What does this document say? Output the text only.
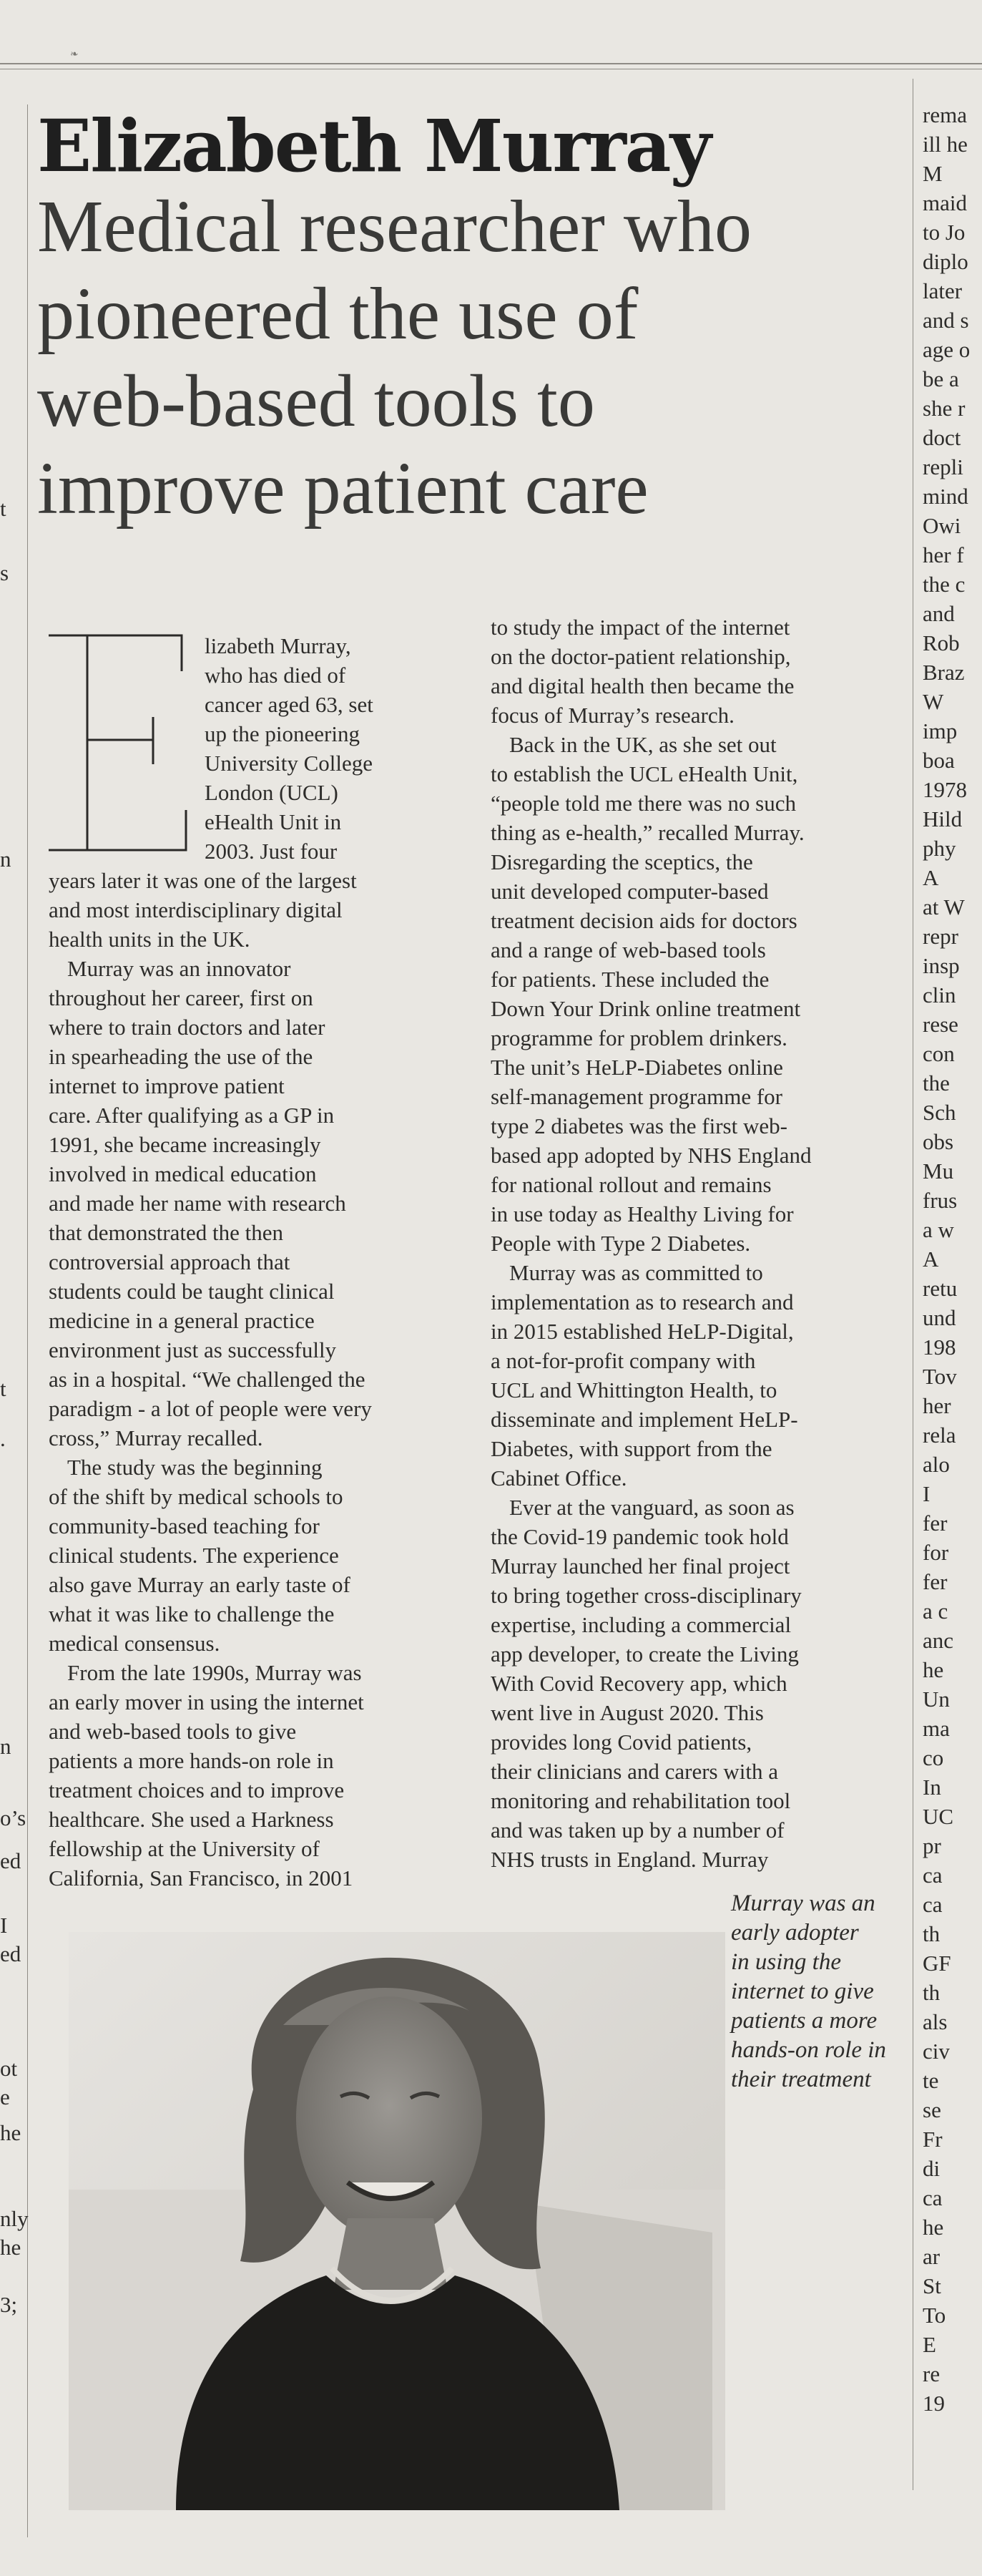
❧
t
s
n
t
.
n
o’s
ed
I
ed
ot
e
he
nly
he
3;
rema
ill he
M
maid
to Jo
diplo
later
and s
age o
be a
she r
doct
repli
mind
Owi
her f
the c
and
Rob
Braz
W
imp
boa
1978
Hild
phy
A
at W
repr
insp
clin
rese
con
the
Sch
obs
Mu
frus
a w
A
retu
und
198
Tov
her
rela
alo
I
fer
for
fer
a c
anc
he
Un
ma
co
In
UC
pr
ca
ca
th
GF
th
als
civ
te
se
Fr
di
ca
he
ar
St
To
E
re
19
Elizabeth Murray
Medical researcher who
pioneered the use of
web-based tools to
improve patient care
lizabeth Murray,
who has died of
cancer aged 63, set
up the pioneering
University College
London (UCL)
eHealth Unit in
2003. Just four
years later it was one of the largest
and most interdisciplinary digital
health units in the UK.
Murray was an innovator
throughout her career, first on
where to train doctors and later
in spearheading the use of the
internet to improve patient
care. After qualifying as a GP in
1991, she became increasingly
involved in medical education
and made her name with research
that demonstrated the then
controversial approach that
students could be taught clinical
medicine in a general practice
environment just as successfully
as in a hospital. “We challenged the
paradigm - a lot of people were very
cross,” Murray recalled.
The study was the beginning
of the shift by medical schools to
community-based teaching for
clinical students. The experience
also gave Murray an early taste of
what it was like to challenge the
medical consensus.
From the late 1990s, Murray was
an early mover in using the internet
and web-based tools to give
patients a more hands-on role in
treatment choices and to improve
healthcare. She used a Harkness
fellowship at the University of
California, San Francisco, in 2001
to study the impact of the internet
on the doctor-patient relationship,
and digital health then became the
focus of Murray’s research.
Back in the UK, as she set out
to establish the UCL eHealth Unit,
“people told me there was no such
thing as e-health,” recalled Murray.
Disregarding the sceptics, the
unit developed computer-based
treatment decision aids for doctors
and a range of web-based tools
for patients. These included the
Down Your Drink online treatment
programme for problem drinkers.
The unit’s HeLP-Diabetes online
self-management programme for
type 2 diabetes was the first web-
based app adopted by NHS England
for national rollout and remains
in use today as Healthy Living for
People with Type 2 Diabetes.
Murray was as committed to
implementation as to research and
in 2015 established HeLP-Digital,
a not-for-profit company with
UCL and Whittington Health, to
disseminate and implement HeLP-
Diabetes, with support from the
Cabinet Office.
Ever at the vanguard, as soon as
the Covid-19 pandemic took hold
Murray launched her final project
to bring together cross-disciplinary
expertise, including a commercial
app developer, to create the Living
With Covid Recovery app, which
went live in August 2020. This
provides long Covid patients,
their clinicians and carers with a
monitoring and rehabilitation tool
and was taken up by a number of
NHS trusts in England. Murray
Murray was an
early adopter
in using the
internet to give
patients a more
hands-on role in
their treatment
